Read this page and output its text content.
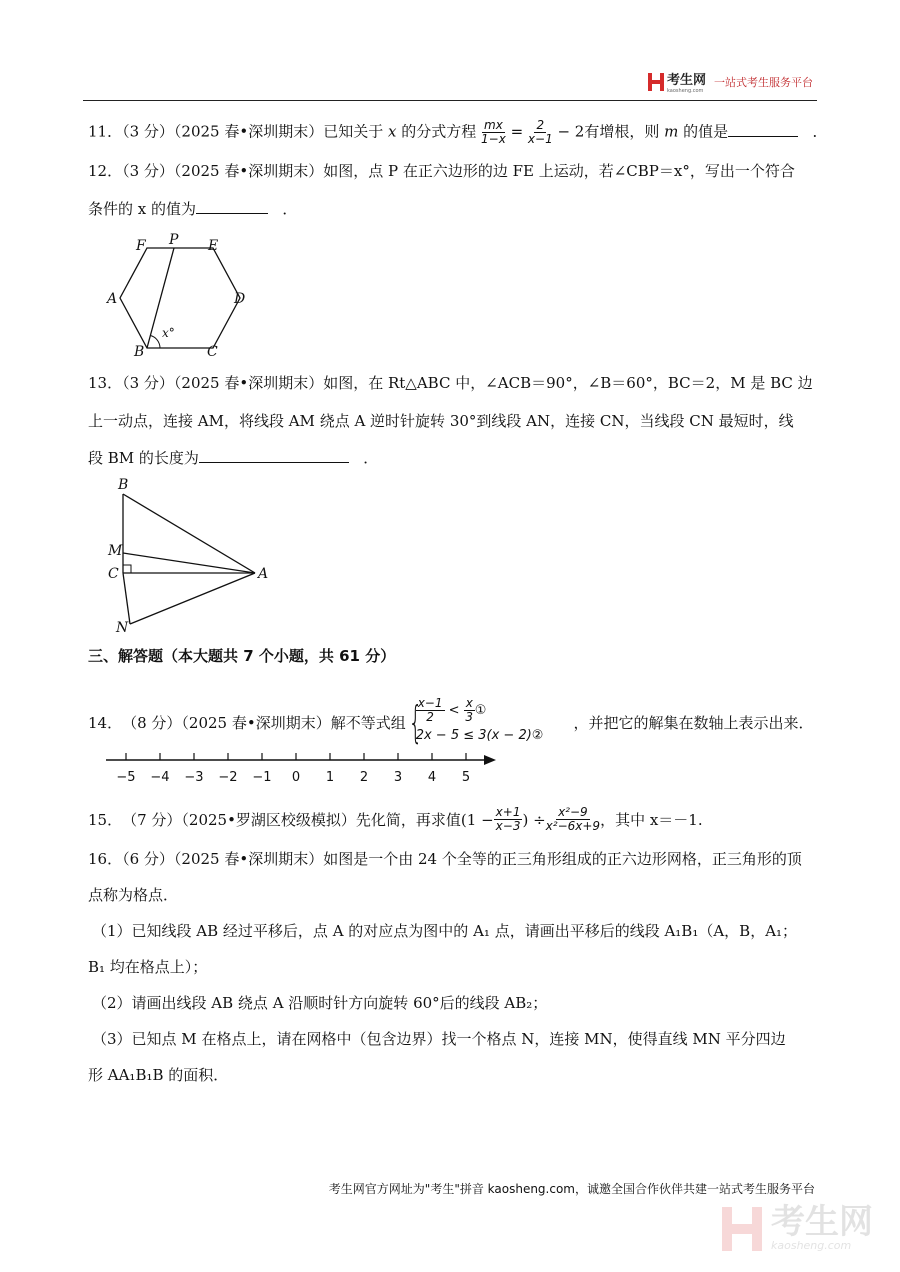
考生网
kaosheng.com
一站式考生服务平台
11．（3 分）（2025 春•深圳期末）已知关于 x 的分式方程 $\frac{mx}{1-x} = \frac{2}{x-1} - 2$有增根，则 m 的值是	．
12．（3 分）（2025 春•深圳期末）如图，点 P 在正六边形的边 FE 上运动，若∠CBP＝x°，写出一个符合
条件的 x 的值为	．
F P E
A	D
B	C
x°
13．（3 分）（2025 春•深圳期末）如图，在 Rt△ABC 中，∠ACB＝90°，∠B＝60°，BC＝2，M 是 BC 边
上一动点，连接 AM，将线段 AM 绕点 A 逆时针旋转 30°到线段 AN，连接 CN，当线段 CN 最短时，线
段 BM 的长度为	．
B
M
C	A
N
三、解答题（本大题共 7 个小题，共 61 分）
14． （8 分）（2025 春•深圳期末）解不等式组 {
$\frac{x-1}{2} < \frac{x}{3}$ ①
2x − 5 ≤ 3(x − 2)②
，并把它的解集在数轴上表示出来．
−5 −4 −3 −2 −1 0 1 2 3 4 5
15． （7 分）（2025•罗湖区校级模拟）先化简，再求值($1 - \frac{x+1}{x-3}$ ) ÷ $\frac{\text{x²−9}}{\text{x²−6x+9}}$ ，其中 x＝－1.
16．（6 分）（2025 春•深圳期末）如图是一个由 24 个全等的正三角形组成的正六边形网格，正三角形的顶
点称为格点．
（1）已知线段 AB 经过平移后，点 A 的对应点为图中的 A₁ 点，请画出平移后的线段 A₁B₁（A，B，A₁；
B₁ 均在格点上）；
（2）请画出线段 AB 绕点 A 沿顺时针方向旋转 60°后的线段 AB₂；
（3）已知点 M 在格点上，请在网格中（包含边界）找一个格点 N，连接 MN，使得直线 MN 平分四边
形 AA₁B₁B 的面积．
考生网官方网址为"考生"拼音 kaosheng.com，诚邀全国合作伙伴共建一站式考生服务平台
考生网
kaosheng.com
